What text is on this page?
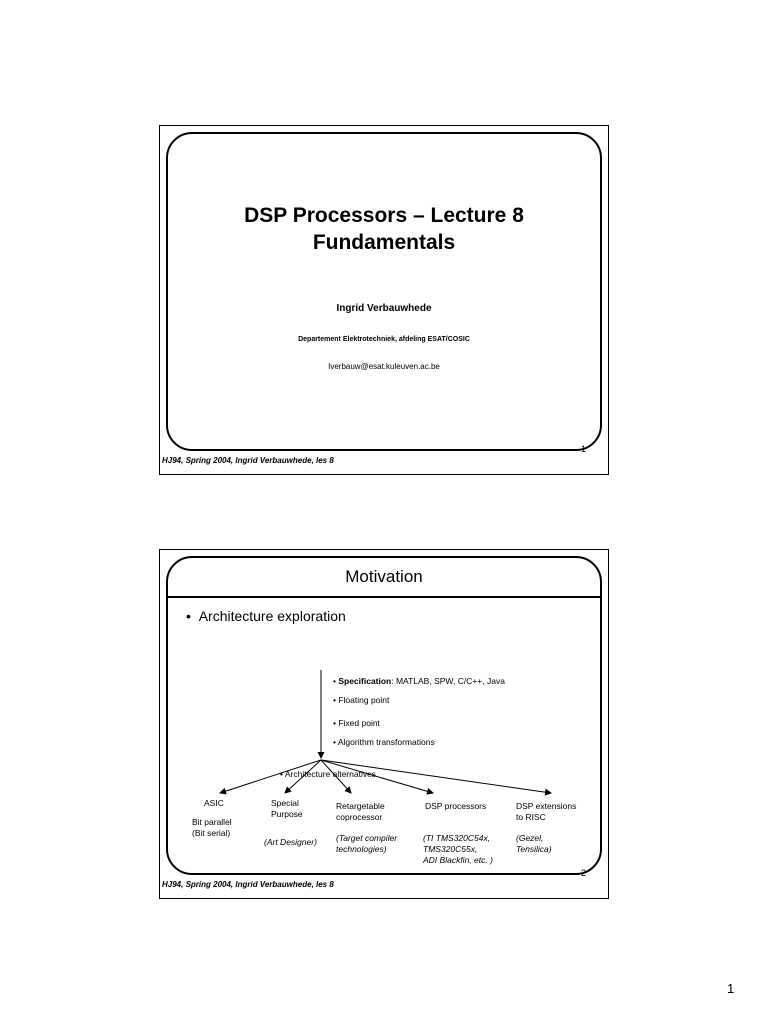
DSP Processors – Lecture 8
Fundamentals
Ingrid Verbauwhede
Departement Elektrotechniek, afdeling ESAT/COSIC
Iverbauw@esat.kuleuven.ac.be
1
HJ94, Spring 2004, Ingrid Verbauwhede, les 8
Motivation
•  Architecture exploration
• Specification: MATLAB, SPW, C/C++, Java
• Floating point
• Fixed point
• Algorithm transformations
• Architecture alternatives
ASIC	Special
Purpose
Retargetable
coprocessor
DSP processors	DSP extensions
to RISC
Bit parallel
(Bit serial)
(Art Designer) (Target compiler
technologies)
(TI TMS320C54x,
TMS320C55x,
ADI Blackfin, etc. )
(Gezel,
Tensilica)
2
HJ94, Spring 2004, Ingrid Verbauwhede, les 8
1
